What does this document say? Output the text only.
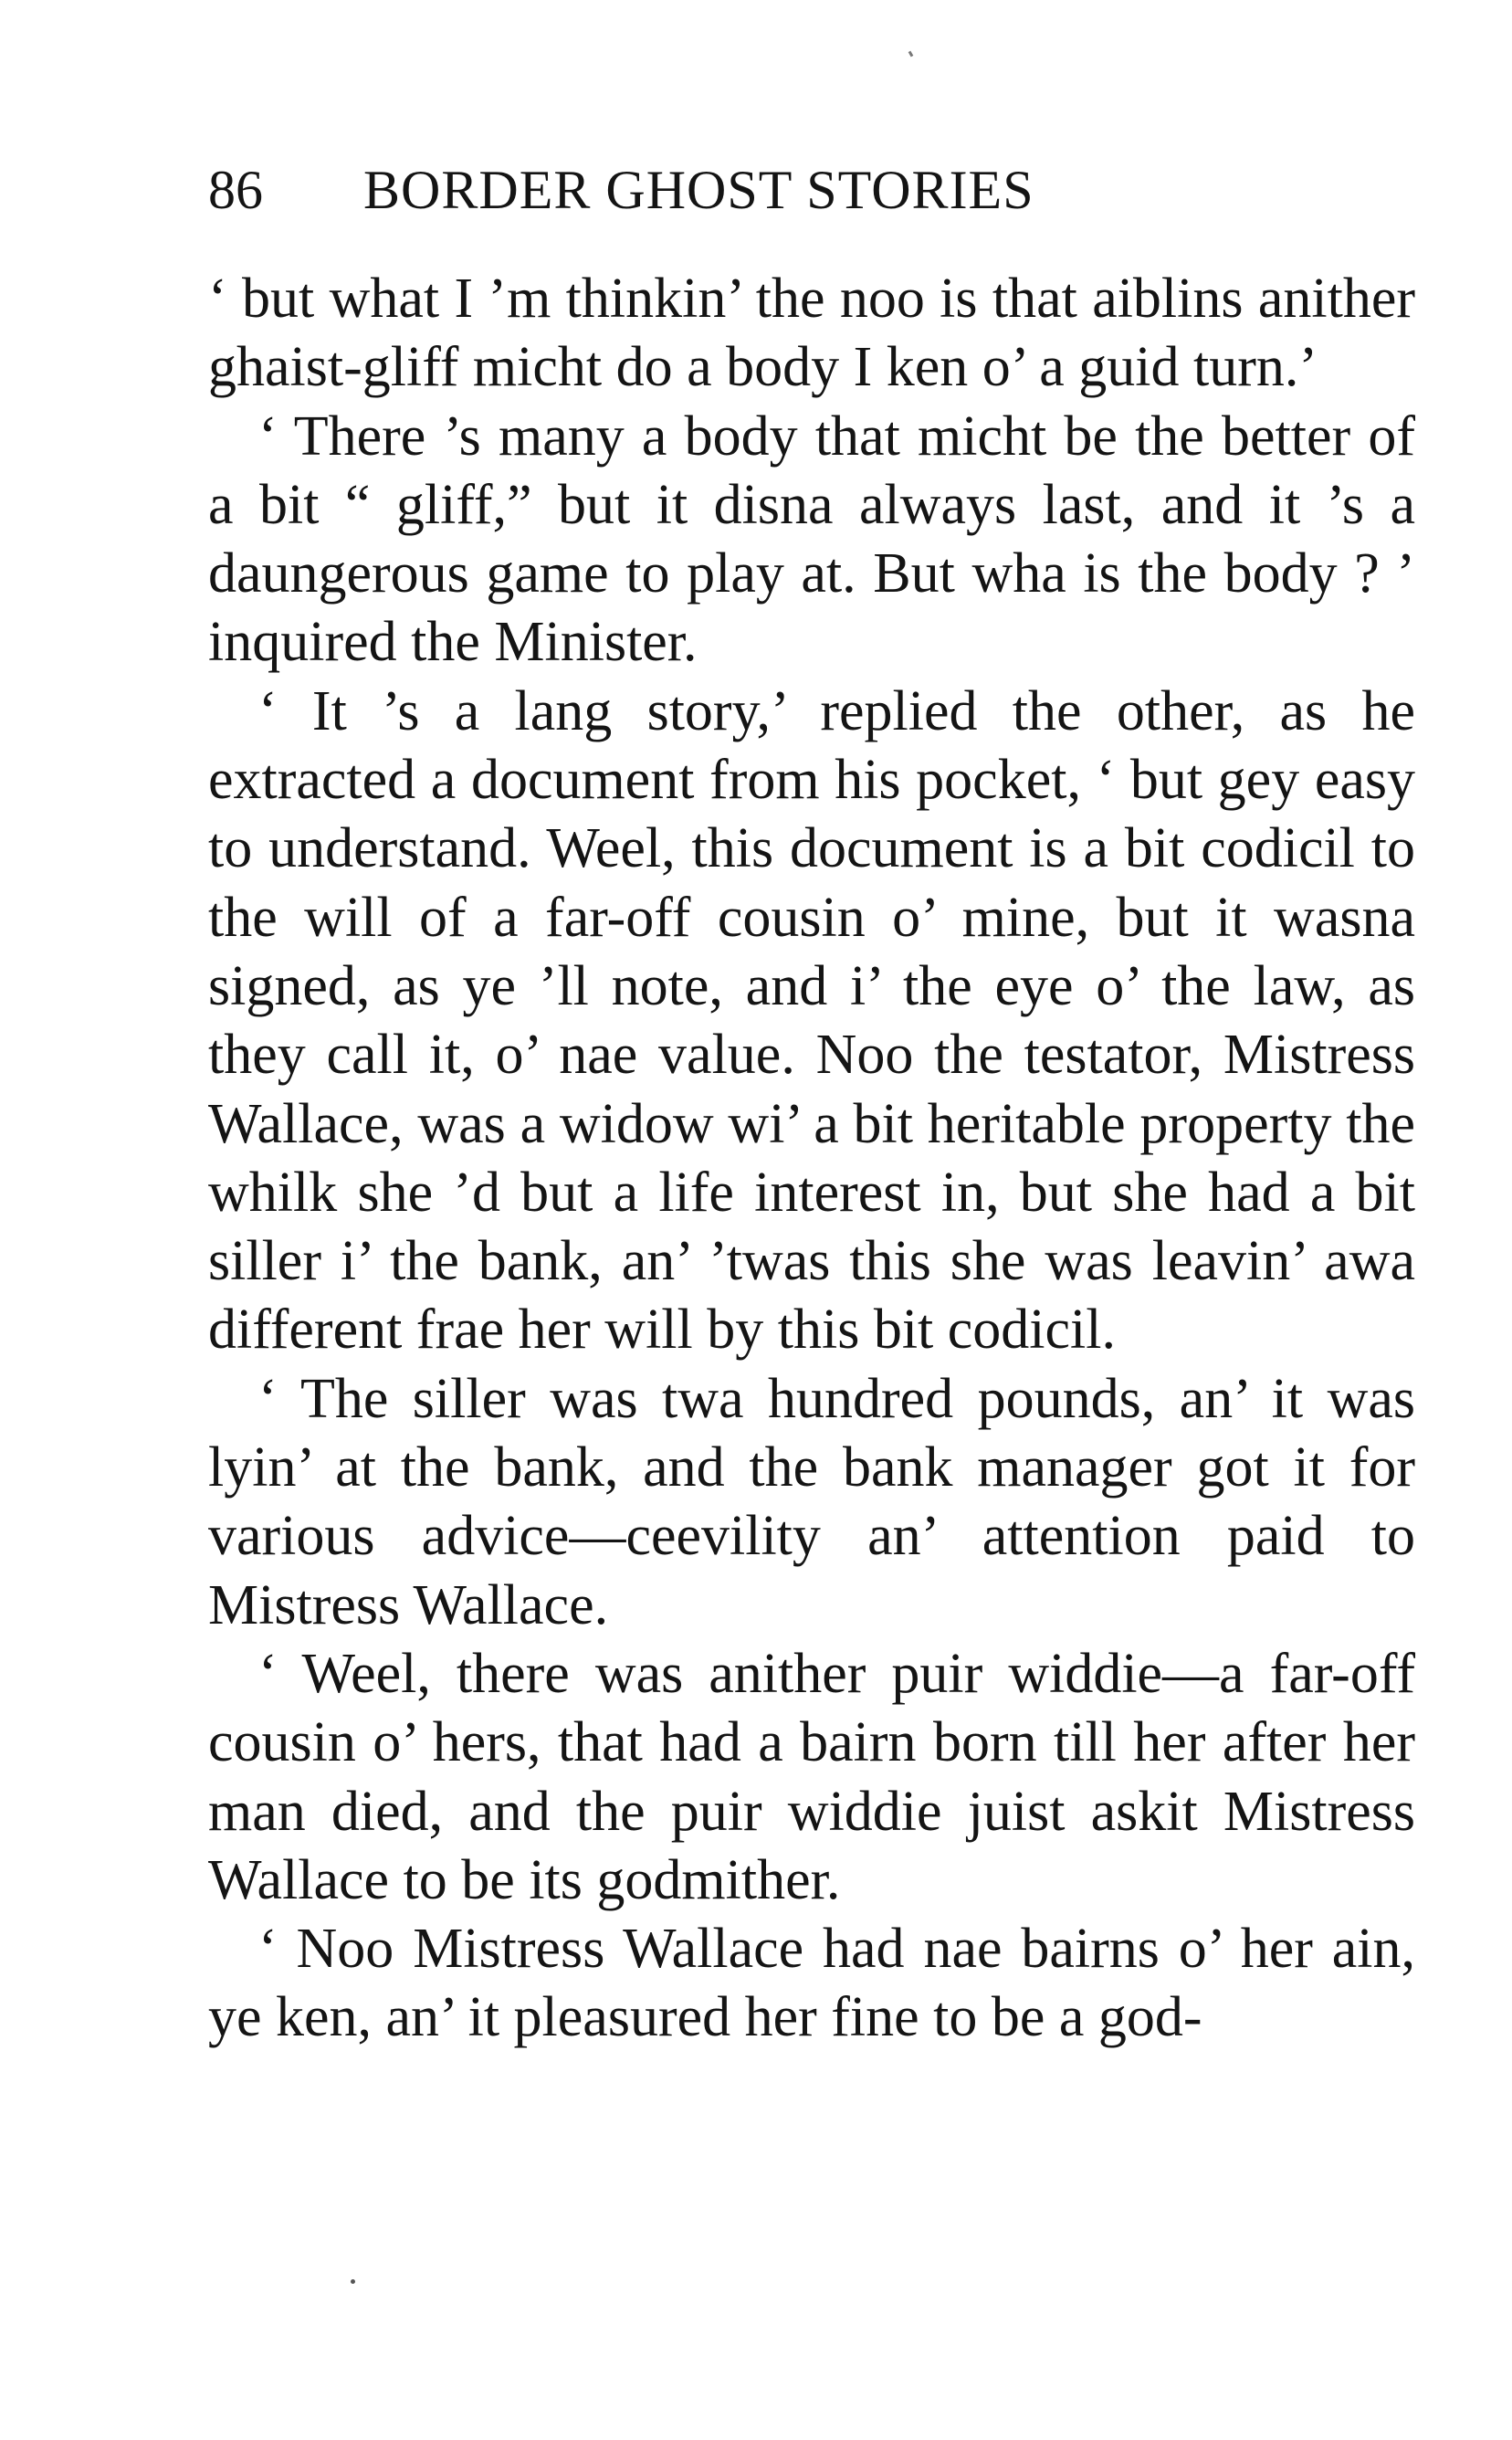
86 BORDER GHOST STORIES

‘ but what I ’m thinkin’ the noo is that aiblins anither ghaist-gliff micht do a body I ken o’ a guid turn.’

‘ There ’s many a body that micht be the better of a bit “ gliff,” but it disna always last, and it ’s a daungerous game to play at. But wha is the body ? ’ inquired the Minister.

‘ It ’s a lang story,’ replied the other, as he extracted a document from his pocket, ‘ but gey easy to understand. Weel, this document is a bit codicil to the will of a far-off cousin o’ mine, but it wasna signed, as ye ’ll note, and i’ the eye o’ the law, as they call it, o’ nae value. Noo the testator, Mistress Wallace, was a widow wi’ a bit heritable property the whilk she ’d but a life interest in, but she had a bit siller i’ the bank, an’ ’twas this she was leavin’ awa different frae her will by this bit codicil.

‘ The siller was twa hundred pounds, an’ it was lyin’ at the bank, and the bank manager got it for various advice—ceevility an’ attention paid to Mistress Wallace.

‘ Weel, there was anither puir widdie—a far-off cousin o’ hers, that had a bairn born till her after her man died, and the puir widdie juist askit Mistress Wallace to be its godmither.

‘ Noo Mistress Wallace had nae bairns o’ her ain, ye ken, an’ it pleasured her fine to be a god-
